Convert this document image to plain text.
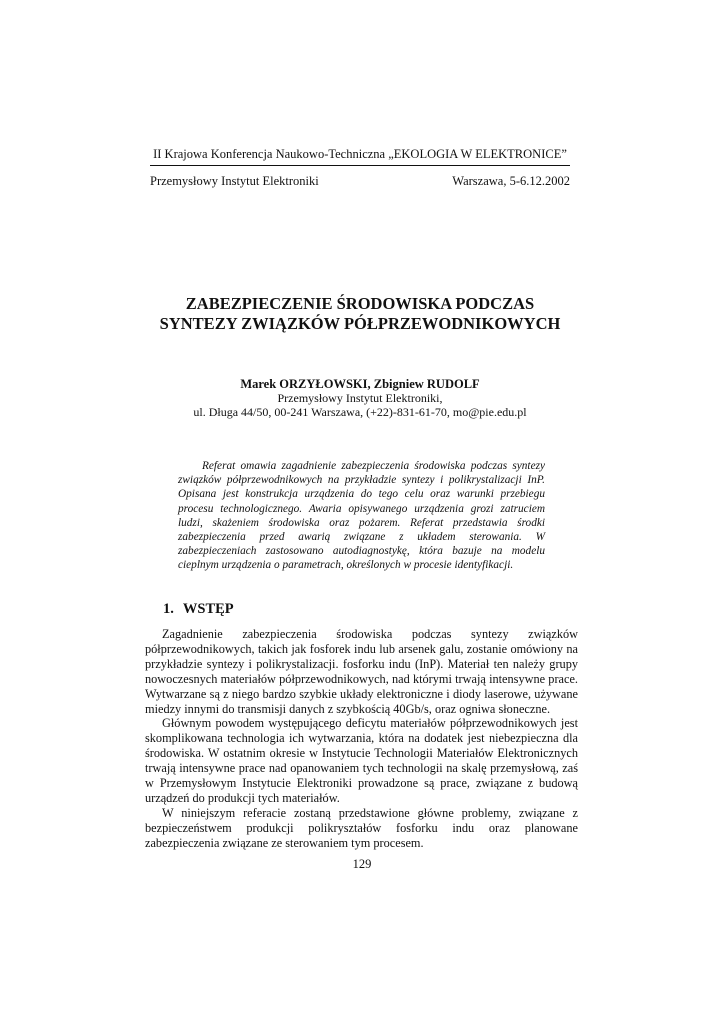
II Krajowa Konferencja Naukowo-Techniczna „EKOLOGIA W ELEKTRONICE”
Przemysłowy Instytut Elektroniki	Warszawa, 5-6.12.2002
ZABEZPIECZENIE ŚRODOWISKA PODCZAS
SYNTEZY ZWIĄZKÓW PÓŁPRZEWODNIKOWYCH
Marek ORZYŁOWSKI, Zbigniew RUDOLF
Przemysłowy Instytut Elektroniki,
ul. Długa 44/50, 00-241 Warszawa, (+22)-831-61-70, mo@pie.edu.pl

Referat omawia zagadnienie zabezpieczenia środowiska podczas syntezy związków półprzewodnikowych na przykładzie syntezy i polikrystalizacji InP. Opisana jest konstrukcja urządzenia do tego celu oraz warunki przebiegu procesu technologicznego. Awaria opisywanego urządzenia grozi zatruciem ludzi, skażeniem środowiska oraz pożarem. Referat przedstawia środki zabezpieczenia przed awarią związane z układem sterowania. W zabezpieczeniach zastosowano autodiagnostykę, która bazuje na modelu cieplnym urządzenia o parametrach, określonych w procesie identyfikacji.

1. WSTĘP

Zagadnienie zabezpieczenia środowiska podczas syntezy związków półprzewodnikowych, takich jak fosforek indu lub arsenek galu, zostanie omówiony na przykładzie syntezy i polikrystalizacji. fosforku indu (InP). Materiał ten należy grupy nowoczesnych materiałów półprzewodnikowych, nad którymi trwają intensywne prace. Wytwarzane są z niego bardzo szybkie układy elektroniczne i diody laserowe, używane miedzy innymi do transmisji danych z szybkością 40Gb/s, oraz ogniwa słoneczne.

Głównym powodem występującego deficytu materiałów półprzewodnikowych jest skomplikowana technologia ich wytwarzania, która na dodatek jest niebezpieczna dla środowiska. W ostatnim okresie w Instytucie Technologii Materiałów Elektronicznych trwają intensywne prace nad opanowaniem tych technologii na skalę przemysłową, zaś w Przemysłowym Instytucie Elektroniki prowadzone są prace, związane z budową urządzeń do produkcji tych materiałów.

W niniejszym referacie zostaną przedstawione główne problemy, związane z bezpieczeństwem produkcji polikryształów fosforku indu oraz planowane zabezpieczenia związane ze sterowaniem tym procesem.

129
